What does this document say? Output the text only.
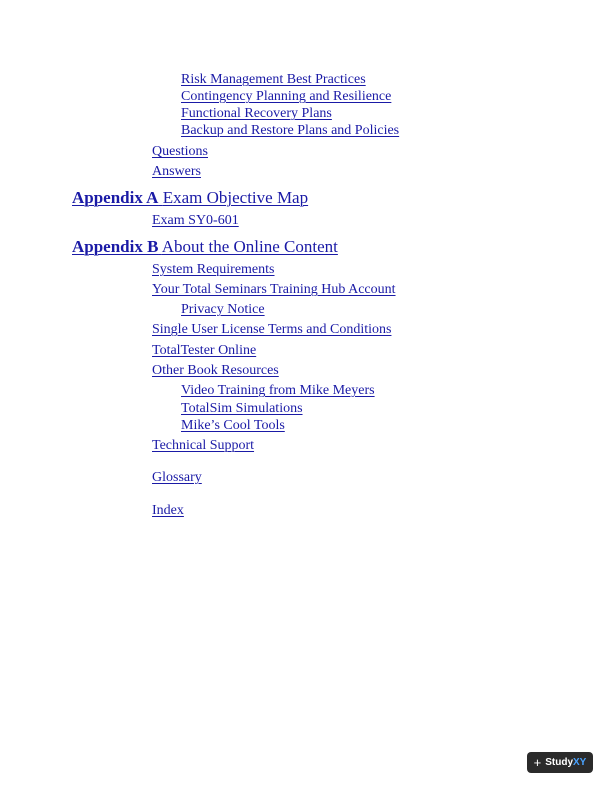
Risk Management Best Practices
Contingency Planning and Resilience
Functional Recovery Plans
Backup and Restore Plans and Policies
Questions
Answers
Appendix A Exam Objective Map
Exam SY0-601
Appendix B About the Online Content
System Requirements
Your Total Seminars Training Hub Account
Privacy Notice
Single User License Terms and Conditions
TotalTester Online
Other Book Resources
Video Training from Mike Meyers
TotalSim Simulations
Mike’s Cool Tools
Technical Support
Glossary
Index
+ StudyXY
